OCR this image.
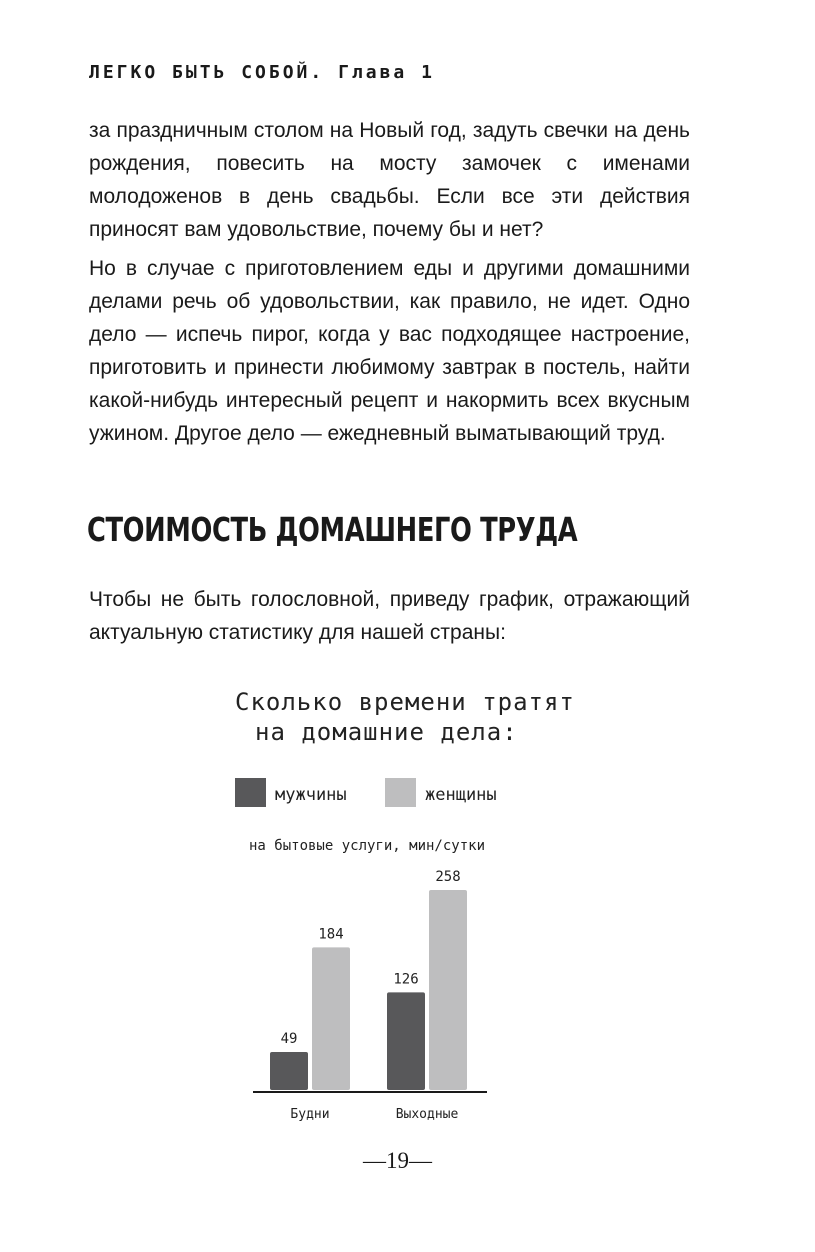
ЛЕГКО БЫТЬ СОБОЙ. Глава 1

за праздничным столом на Новый год, задуть свечки на день рождения, повесить на мосту замочек с именами молодоженов в день свадьбы. Если все эти действия приносят вам удовольствие, почему бы и нет?

Но в случае с приготовлением еды и другими домашними делами речь об удовольствии, как правило, не идет. Одно дело — испечь пирог, когда у вас подходящее настроение, приготовить и принести любимому завтрак в постель, найти какой-нибудь интересный рецепт и накормить всех вкусным ужином. Другое дело — ежедневный выматывающий труд.

СТОИМОСТЬ ДОМАШНЕГО ТРУДА

Чтобы не быть голословной, приведу график, отражающий актуальную статистику для нашей страны:

Сколько времени тратят
на домашние дела:
мужчины	женщины
на бытовые услуги, мин/сутки
49
184
Будни
126
258
Выходные
—19—
